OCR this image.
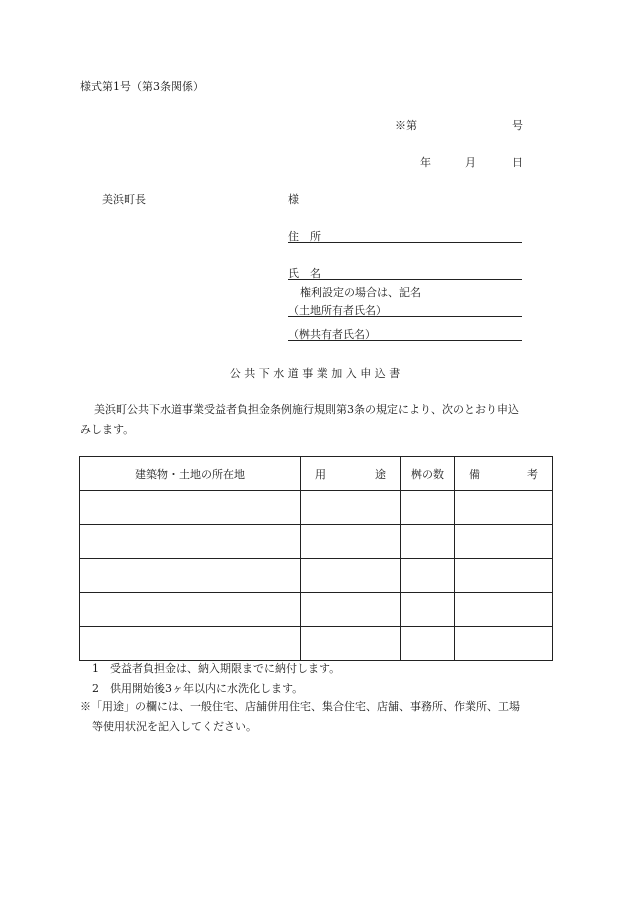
様式第1号（第3条関係）
※第	号
年	月	日
美浜町長	様
住　所
氏　名
権利設定の場合は、記名
（土地所有者氏名）
（桝共有者氏名）
公 共 下 水 道 事 業 加 入 申 込 書
美浜町公共下水道事業受益者負担金条例施行規則第3条の規定により、次のとおり申込
みします。
建築物・土地の所在地	用 途	桝の数	備 考

1　受益者負担金は、納入期限までに納付します。
2　供用開始後3ヶ年以内に水洗化します。
※「用途」の欄には、一般住宅、店舗併用住宅、集合住宅、店舗、事務所、作業所、工場
等使用状況を記入してください。
